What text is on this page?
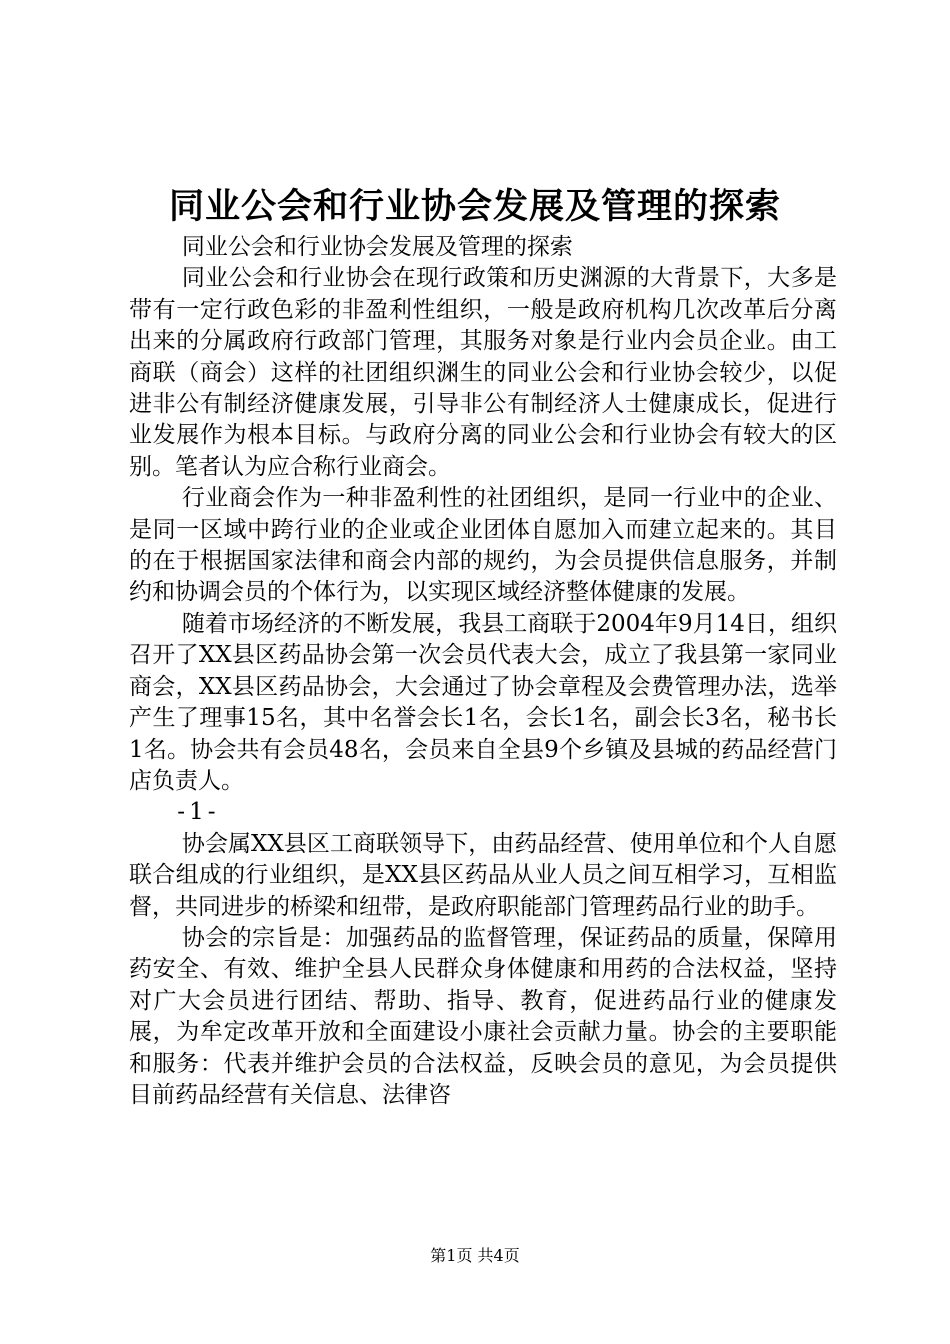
同业公会和行业协会发展及管理的探索

同业公会和行业协会发展及管理的探索

同业公会和行业协会在现行政策和历史渊源的大背景下，大多是带有一定行政色彩的非盈利性组织，一般是政府机构几次改革后分离出来的分属政府行政部门管理，其服务对象是行业内会员企业。由工商联（商会）这样的社团组织渊生的同业公会和行业协会较少，以促进非公有制经济健康发展，引导非公有制经济人士健康成长，促进行业发展作为根本目标。与政府分离的同业公会和行业协会有较大的区别。笔者认为应合称行业商会。

行业商会作为一种非盈利性的社团组织，是同一行业中的企业、是同一区域中跨行业的企业或企业团体自愿加入而建立起来的。其目的在于根据国家法律和商会内部的规约，为会员提供信息服务，并制约和协调会员的个体行为，以实现区域经济整体健康的发展。

随着市场经济的不断发展，我县工商联于2004年9月14日，组织召开了XX县区药品协会第一次会员代表大会，成立了我县第一家同业商会，XX县区药品协会，大会通过了协会章程及会费管理办法，选举产生了理事15名，其中名誉会长1名，会长1名，副会长3名，秘书长1名。协会共有会员48名，会员来自全县9个乡镇及县城的药品经营门店负责人。

-1-

协会属XX县区工商联领导下，由药品经营、使用单位和个人自愿联合组成的行业组织，是XX县区药品从业人员之间互相学习，互相监督，共同进步的桥梁和纽带，是政府职能部门管理药品行业的助手。

协会的宗旨是：加强药品的监督管理，保证药品的质量，保障用药安全、有效、维护全县人民群众身体健康和用药的合法权益，坚持对广大会员进行团结、帮助、指导、教育，促进药品行业的健康发展，为牟定改革开放和全面建设小康社会贡献力量。协会的主要职能和服务：代表并维护会员的合法权益，反映会员的意见，为会员提供目前药品经营有关信息、法律咨

第1页 共4页
